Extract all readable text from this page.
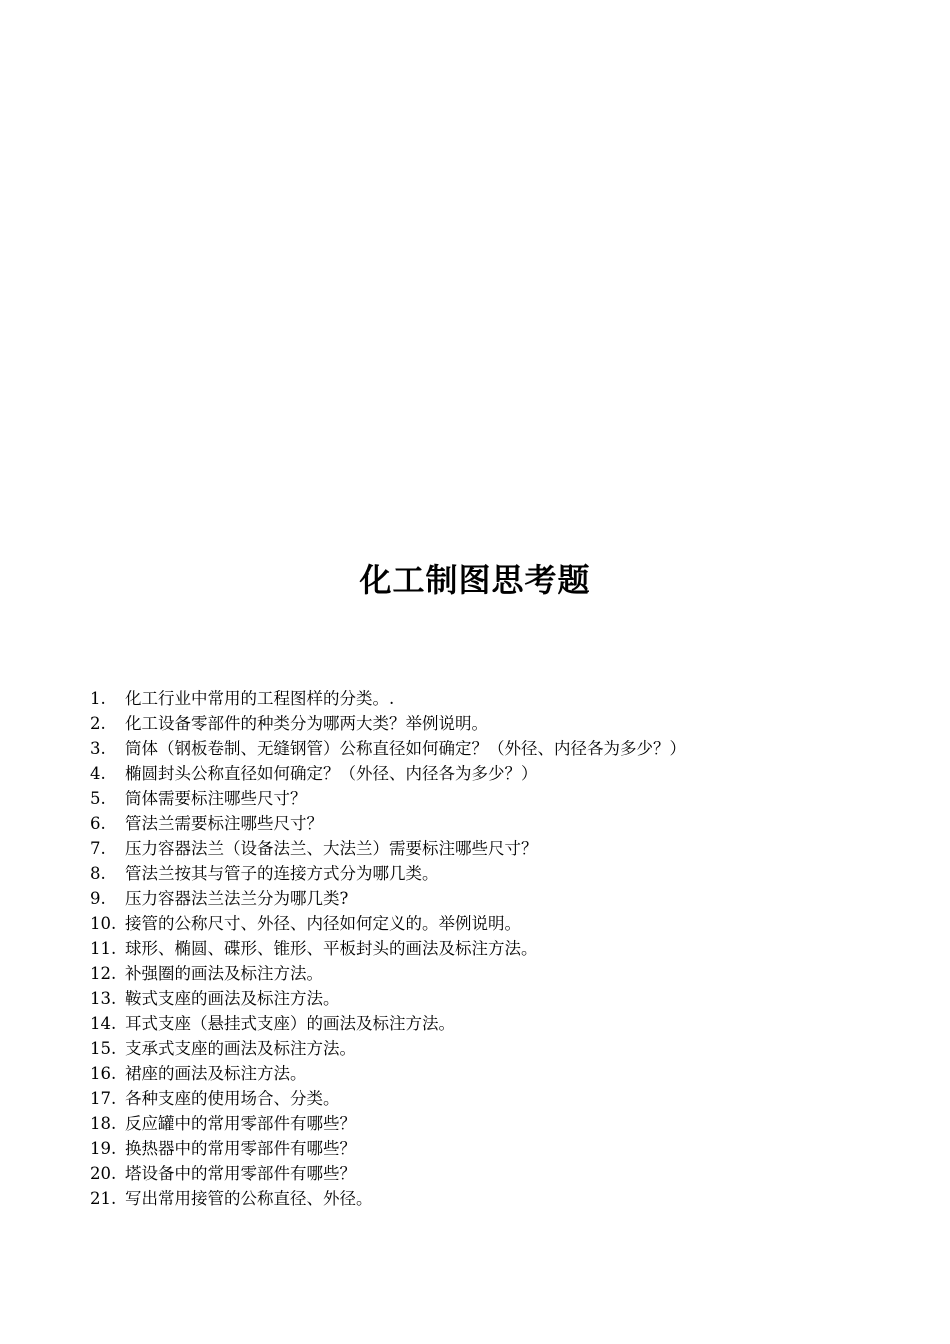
化工制图思考题
1.	化工行业中常用的工程图样的分类。.
2.	化工设备零部件的种类分为哪两大类？举例说明。
3.	筒体（钢板卷制、无缝钢管）公称直径如何确定？（外径、内径各为多少？）
4.	椭圆封头公称直径如何确定？（外径、内径各为多少？）
5.	筒体需要标注哪些尺寸？
6.	管法兰需要标注哪些尺寸？
7.	压力容器法兰（设备法兰、大法兰）需要标注哪些尺寸？
8.	管法兰按其与管子的连接方式分为哪几类。
9.	压力容器法兰法兰分为哪几类?
10. 接管的公称尺寸、外径、内径如何定义的。举例说明。
11. 球形、椭圆、碟形、锥形、平板封头的画法及标注方法。
12. 补强圈的画法及标注方法。
13. 鞍式支座的画法及标注方法。
14. 耳式支座（悬挂式支座）的画法及标注方法。
15. 支承式支座的画法及标注方法。
16. 裙座的画法及标注方法。
17. 各种支座的使用场合、分类。
18. 反应罐中的常用零部件有哪些？
19. 换热器中的常用零部件有哪些？
20. 塔设备中的常用零部件有哪些？
21. 写出常用接管的公称直径、外径。
